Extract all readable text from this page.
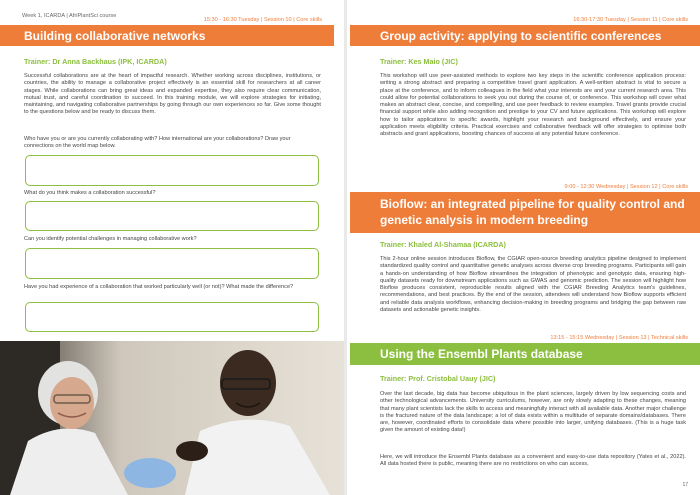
Week 1, ICARDA | AfriPlantSci course
15:30 - 16:30 Tuesday | Session 10 | Core skills
Building collaborative networks
Trainer: Dr Anna Backhaus (IPK, ICARDA)

Successful collaborations are at the heart of impactful research. Whether working across disciplines, institutions, or countries, the ability to manage a collaborative project effectively is an essential skill for researchers at all career stages. While collaborations can bring great ideas and expanded expertise, they also require clear communication, mutual trust, and careful coordination to succeed. In this training module, we will explore strategies for initiating, maintaining, and navigating collaborative partnerships by going through our own experiences so far. Give some thought to the questions below and be ready to discuss them.

Who have you or are you currently collaborating with? How international are your collaborations? Draw your connections on the world map below.

What do you think makes a collaboration successful?

Can you identify potential challenges in managing collaborative work?

Have you had experience of a collaboration that worked particularly well (or not)? What made the difference?

16:30-17:30 Tuesday | Session 11 | Core skills
Group activity: applying to scientific conferences
Trainer: Kes Maio (JIC)

This workshop will use peer-assisted methods to explore two key steps in the scientific conference application process: writing a strong abstract and preparing a competitive travel grant application. A well-written abstract is vital to secure a place at the conference, and to inform colleagues in the field what your interests are and your current research area. This could allow for potential collaborations to seek you out during the course of, or conference. This workshop will cover what makes an abstract clear, concise, and compelling, and use peer feedback to review examples. Travel grants provide crucial financial support while also adding recognition and prestige to your CV and future applications. This workshop will explore how to tailor applications to specific awards, highlight your research and background effectively, and ensure your application meets eligibility criteria. Practical exercises and collaborative feedback will offer strategies to optimise both abstracts and grant applications, boosting chances of success at any potential future conference.

9:00 - 12:30 Wednesday | Session 12 | Core skills
Bioflow: an integrated pipeline for quality control and genetic analysis in modern breeding
Trainer: Khaled Al-Shamaa (ICARDA)

This 2-hour online session introduces Bioflow, the CGIAR open-source breeding analytics pipeline designed to implement standardized quality control and quantitative genetic analyses across diverse crop breeding programs. Participants will gain a hands-on understanding of how Bioflow streamlines the integration of phenotypic and genotypic data, ensuring high-quality datasets ready for downstream applications such as GWAS and genomic prediction. The session will highlight how Bioflow produces consistent, reproducible results aligned with the CGIAR Breeding Analytics team's guidelines, recommendations, and best practices. By the end of the session, attendees will understand how Bioflow supports efficient and reliable data analysis workflows, enhancing decision-making in breeding programs and bridging the gap between raw datasets and actionable genetic insights.

13:15 - 15:15 Wednesday | Session 13 | Technical skills
Using the Ensembl Plants database
Trainer: Prof. Cristobal Uauy (JIC)

Over the last decade, big data has become ubiquitous in the plant sciences, largely driven by low sequencing costs and other technological advancements. University curriculums, however, are only slowly adapting to these changes, meaning that many plant scientists lack the skills to access and meaningfully interact with all available data. Another major challenge is the fractured nature of the data landscape; a lot of data exists within a multitude of separate domains/databases. There are, however, coordinated efforts to consolidate data where possible into larger, unifying databases. (This is a huge task given the amount of existing data!)

Here, we will introduce the Ensembl Plants database as a convenient and easy-to-use data repository (Yates et al., 2022). All data hosted there is public, meaning there are no restrictions on who can access,

17
